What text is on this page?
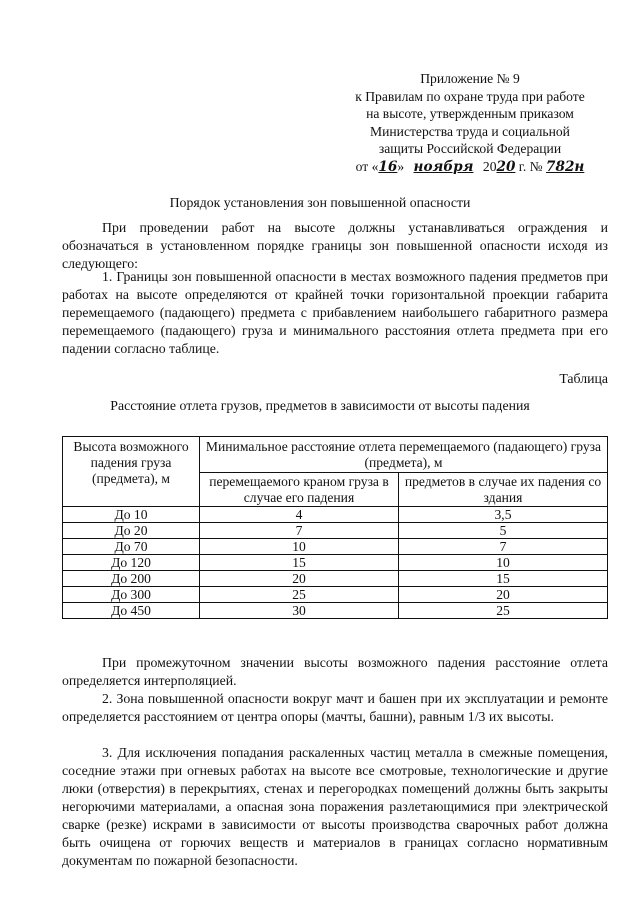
Приложение № 9
к Правилам по охране труда при работе
на высоте, утвержденным приказом
Министерства труда и социальной
защиты Российской Федерации
от «16» ноября 2020 г. № 782н
Порядок установления зон повышенной опасности
При проведении работ на высоте должны устанавливаться ограждения и обозначаться в установленном порядке границы зон повышенной опасности исходя из следующего:
1. Границы зон повышенной опасности в местах возможного падения предметов при работах на высоте определяются от крайней точки горизонтальной проекции габарита перемещаемого (падающего) предмета с прибавлением наибольшего габаритного размера перемещаемого (падающего) груза и минимального расстояния отлета предмета при его падении согласно таблице.
Таблица
Расстояние отлета грузов, предметов в зависимости от высоты падения
Высота возможного падения груза (предмета), м	Минимальное расстояние отлета перемещаемого (падающего) груза (предмета), м	
	перемещаемого краном груза в случае его падения	предметов в случае их падения со здания
До 10	4	3,5
До 20	7	5
До 70	10	7
До 120	15	10
До 200	20	15
До 300	25	20
До 450	30	25
При промежуточном значении высоты возможного падения расстояние отлета определяется интерполяцией.
2. Зона повышенной опасности вокруг мачт и башен при их эксплуатации и ремонте определяется расстоянием от центра опоры (мачты, башни), равным 1/3 их высоты.
3. Для исключения попадания раскаленных частиц металла в смежные помещения, соседние этажи при огневых работах на высоте все смотровые, технологические и другие люки (отверстия) в перекрытиях, стенах и перегородках помещений должны быть закрыты негорючими материалами, а опасная зона поражения разлетающимися при электрической сварке (резке) искрами в зависимости от высоты производства сварочных работ должна быть очищена от горючих веществ и материалов в границах согласно нормативным документам по пожарной безопасности.
